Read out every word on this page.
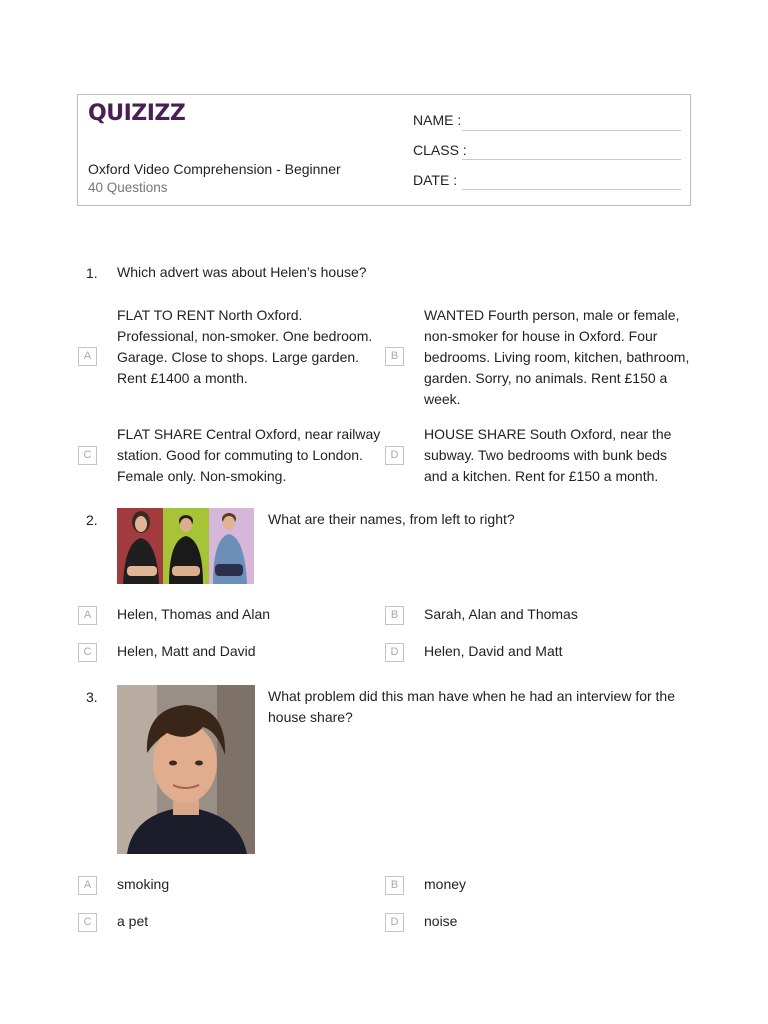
QUIZIZZ
Oxford Video Comprehension - Beginner
40 Questions
NAME :
CLASS :
DATE :
1. Which advert was about Helen’s house?
A
FLAT TO RENT North Oxford. Professional, non-smoker. One bedroom. Garage. Close to shops. Large garden. Rent £1400 a month.
B
WANTED Fourth person, male or female, non-smoker for house in Oxford. Four bedrooms. Living room, kitchen, bathroom, garden. Sorry, no animals. Rent £150 a week.
C
FLAT SHARE Central Oxford, near railway station. Good for commuting to London. Female only. Non-smoking.
D
HOUSE SHARE South Oxford, near the subway. Two bedrooms with bunk beds and a kitchen. Rent for £150 a month.
2.	What are their names, from left to right?
A	Helen, Thomas and Alan	B	Sarah, Alan and Thomas
C	Helen, Matt and David	D	Helen, David and Matt
3.	What problem did this man have when he had an interview for the house share?
A	smoking	B	money
C	a pet	D	noise
